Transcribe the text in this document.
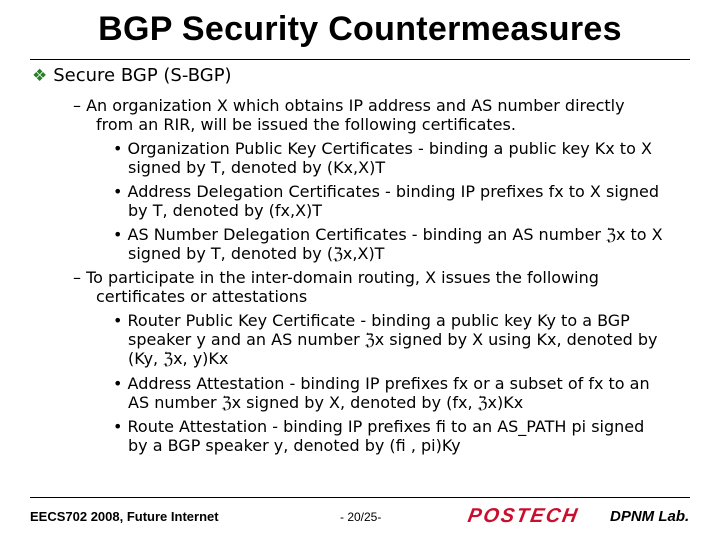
BGP Security Countermeasures
❖ Secure BGP (S-BGP)
– An organization X which obtains IP address and AS number directly
from an RIR, will be issued the following certificates.
• Organization Public Key Certificates - binding a public key Kx to X
signed by T, denoted by (Kx,X)T
• Address Delegation Certificates - binding IP prefixes fx to X signed
by T, denoted by (fx,X)T
• AS Number Delegation Certificates - binding an AS number ℨx to X
signed by T, denoted by (ℨx,X)T
– To participate in the inter-domain routing, X issues the following
certificates or attestations
• Router Public Key Certificate - binding a public key Ky to a BGP
speaker y and an AS number ℨx signed by X using Kx, denoted by
(Ky, ℨx, y)Kx
• Address Attestation - binding IP prefixes fx or a subset of fx to an
AS number ℨx signed by X, denoted by (fx, ℨx)Kx
• Route Attestation - binding IP prefixes fi to an AS_PATH pi signed
by a BGP speaker y, denoted by (fi , pi)Ky
EECS702 2008, Future Internet	- 20/25-	POSTECH DPNM Lab.
